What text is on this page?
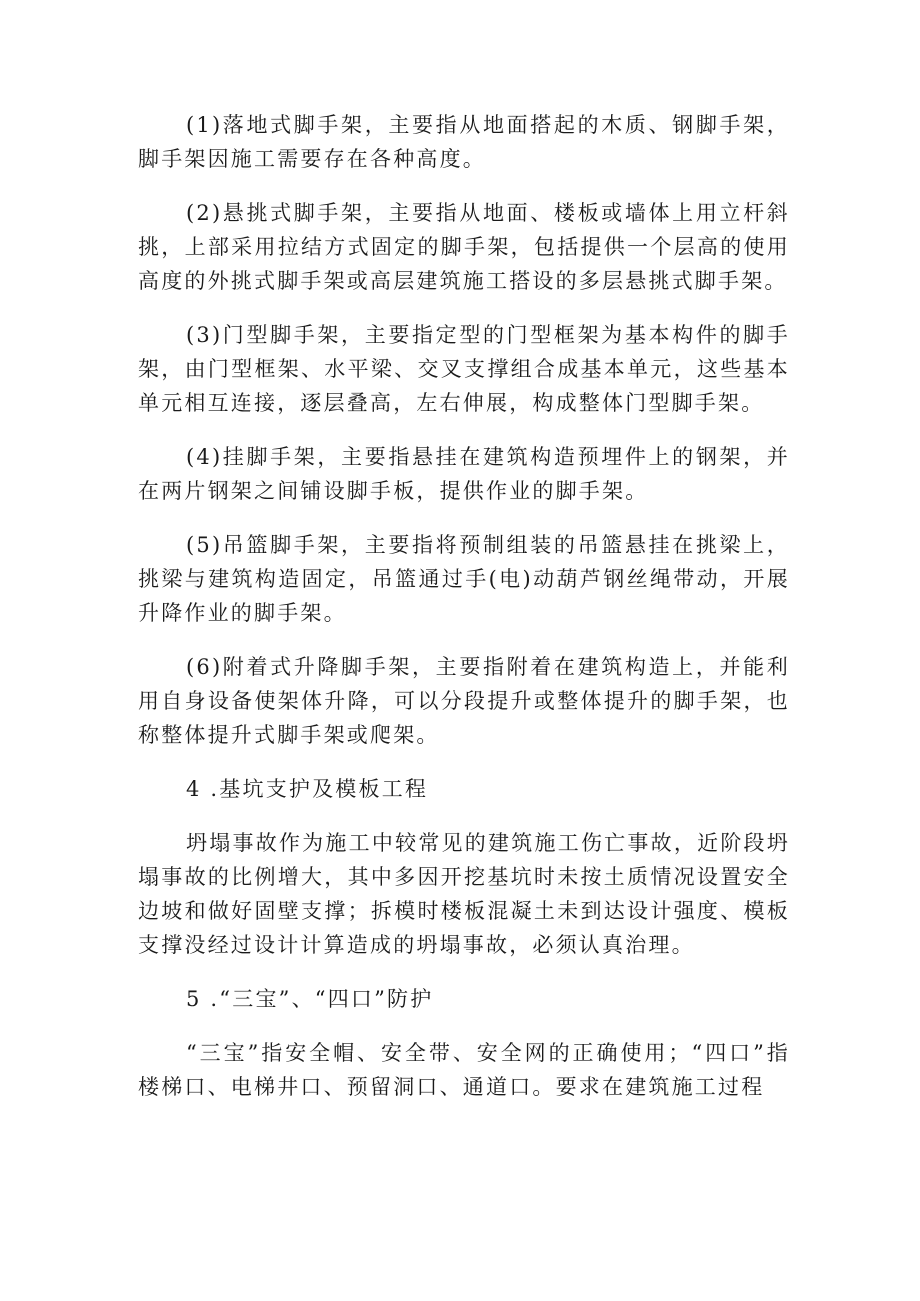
(1)落地式脚手架，主要指从地面搭起的木质、钢脚手架，脚手架因施工需要存在各种高度。

(2)悬挑式脚手架，主要指从地面、楼板或墙体上用立杆斜挑，上部采用拉结方式固定的脚手架，包括提供一个层高的使用高度的外挑式脚手架或高层建筑施工搭设的多层悬挑式脚手架。

(3)门型脚手架，主要指定型的门型框架为基本构件的脚手架，由门型框架、水平梁、交叉支撑组合成基本单元，这些基本单元相互连接，逐层叠高，左右伸展，构成整体门型脚手架。

(4)挂脚手架，主要指悬挂在建筑构造预埋件上的钢架，并在两片钢架之间铺设脚手板，提供作业的脚手架。

(5)吊篮脚手架，主要指将预制组装的吊篮悬挂在挑梁上，挑梁与建筑构造固定，吊篮通过手(电)动葫芦钢丝绳带动，开展升降作业的脚手架。

(6)附着式升降脚手架，主要指附着在建筑构造上，并能利用自身设备使架体升降，可以分段提升或整体提升的脚手架，也称整体提升式脚手架或爬架。

4 .基坑支护及模板工程

坍塌事故作为施工中较常见的建筑施工伤亡事故，近阶段坍塌事故的比例增大，其中多因开挖基坑时未按土质情况设置安全边坡和做好固壁支撑；拆模时楼板混凝土未到达设计强度、模板支撑没经过设计计算造成的坍塌事故，必须认真治理。

5 .“三宝”、“四口”防护

“三宝”指安全帽、安全带、安全网的正确使用；“四口”指楼梯口、电梯井口、预留洞口、通道口。要求在建筑施工过程
